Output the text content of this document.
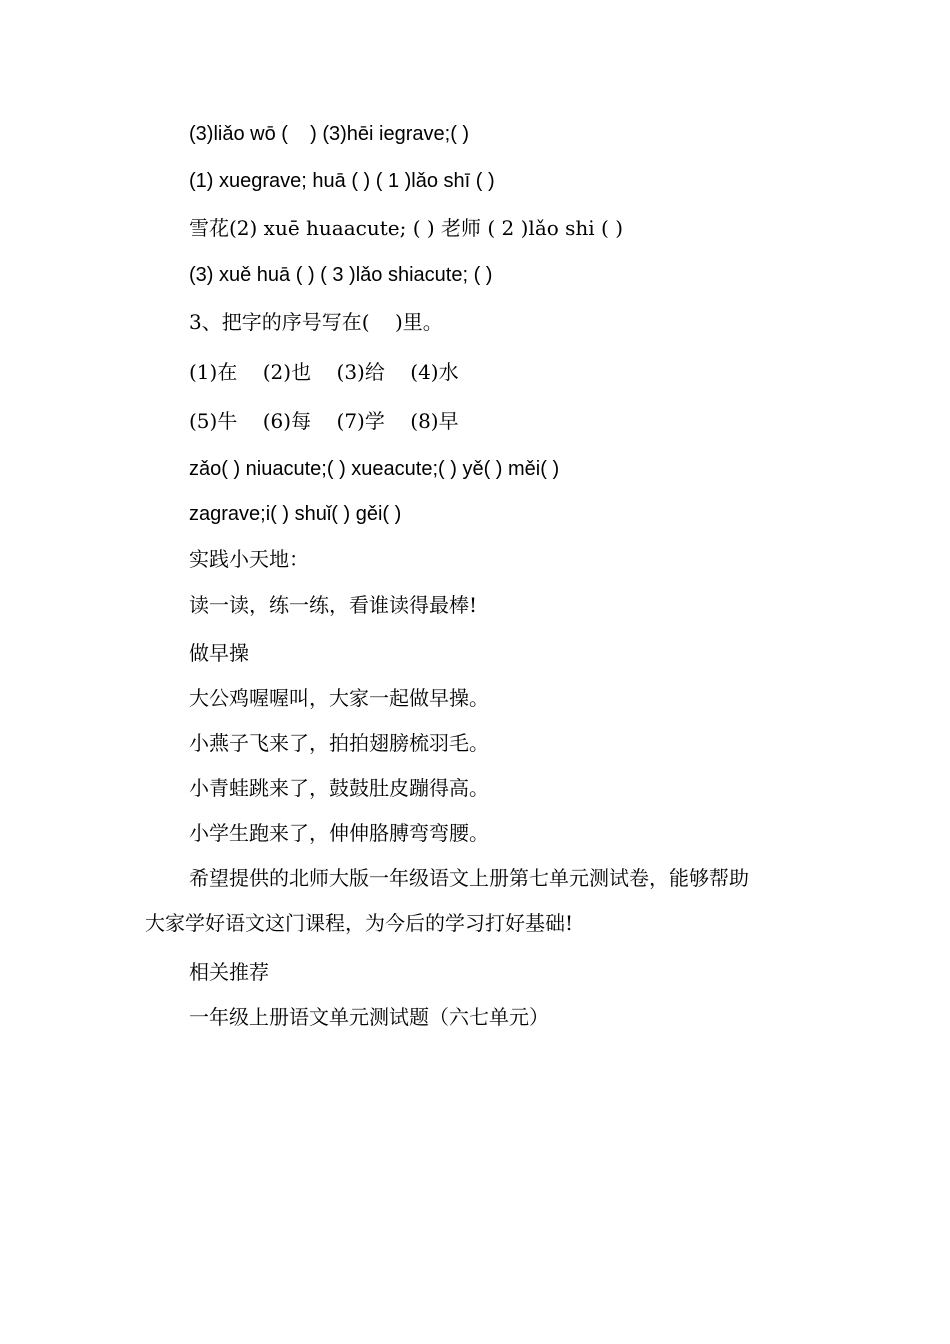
(3)liǎo wō (    ) (3)hēi iegrave;( )
(1) xuegrave; huā ( ) ( 1 )lǎo shī ( )
雪花(2) xuē huaacute; ( ) 老师 ( 2 )lǎo shi ( )
(3) xuě huā ( ) ( 3 )lǎo shiacute; ( )
3、把字的序号写在(    )里。
(1)在    (2)也    (3)给    (4)水
(5)牛    (6)每    (7)学    (8)早
zǎo( ) niuacute;( ) xueacute;( ) yě( ) měi( )
zagrave;i( ) shuǐ( ) gěi( )
实践小天地：
读一读，练一练，看谁读得最棒!
做早操
大公鸡喔喔叫，大家一起做早操。
小燕子飞来了，拍拍翅膀梳羽毛。
小青蛙跳来了，鼓鼓肚皮蹦得高。
小学生跑来了，伸伸胳膊弯弯腰。
希望提供的北师大版一年级语文上册第七单元测试卷，能够帮助
大家学好语文这门课程，为今后的学习打好基础!
相关推荐
一年级上册语文单元测试题（六七单元）
